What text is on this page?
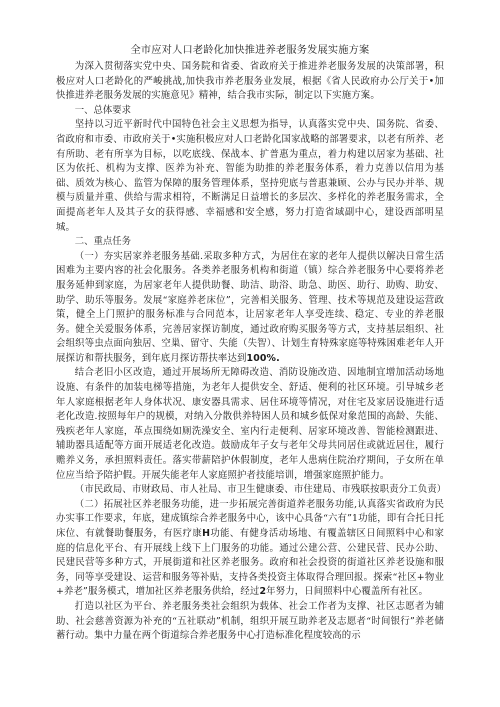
全市应对人口老龄化加快推进养老服务发展实施方案

为深入贯彻落实党中央、国务院和省委、省政府关于推进养老服务发展的决策部署，积极应对人口老龄化的严峻挑战,加快我市养老服务业发展，根据《省人民政府办公厅关于•加快推进养老服务发展的实施意见》精神，结合我市实际，制定以下实施方案。

一、总体要求

坚持以习近平新时代中国特色社会主义思想为指导，认真落实党中央、国务院、省委、省政府和市委、市政府关于•实施积极应对人口老龄化国家战略的部署要求，以老有所养、老有所助、老有所享为目标，以吃底线、保战本、扩普惠为重点，着力构建以居家为基础、社区为依托、机构为支撑、医养为补充、智能为助推的养老服务体系，着力克善以信用为基础、质效为核心、监管为保障的服务管理体系，坚持兜底与普惠兼顾、公办与民办并举、规模与质量并重、供给与需求相符，不断满足日益增长的多层次、多样化的养老服务需求，全面提高老年人及其子女的获得感、幸福感和安全感，努力打造省域副中心，建设西部明星城。

二、重点任务

（一）夯实居家养老服务基础.采取多种方式，为居住在家的老年人提供以解决日常生活困难为主要内容的社会化服务。各类养老服务机构和街道（镇）综合养老服务中心要将养老服务延伸到家庭，为居家老年人提供助餐、助洁、助浴、助急、助医、助行、助购、助安、助学、助乐等服务。发展“家庭养老床位”，完善相关服务、管理、技术等规范及建设运营政策，健全上门照护的服务标准与合同范本，让居家老年人享受连续、稳定、专业的养老服务。健全关爱服务体系，完善居家探访制度，通过政府购买服务等方式，支持基层组织、社会组织等虫点面向独居、空巢、留守、失能（失智）、计划生育特殊家庭等特殊困难老年人开展探访和帮扶服务，到年底月探访帮扶率达到100%.

结合老旧小区改造，通过开展场所无障碍改造、消防设施改造、因地制宜增加活动场地设施、有条件的加装电梯等措施，为老年人提供安全、舒适、便利的社区环境。引导城乡老年人家庭根据老年人身体状况、康安器具需求、居住环境等情况，对住宅及家居设施进行适老化改造.按照每年户的规模，对纳入分散供养特困人员和城乡低保对象范围的高龄、失能、残疾老年人家庭，革点围绕如厕洗澡安全、室内行走便利、居家环境改善、智能检测跟进、辅助器具适配等方面开展适老化改造。鼓励成年子女与老年父母共同居住或就近居住，履行赡养义务，承担照料责任。落实带薪陪护休假制度，老年人患病住院治疗期间，子女所在单位应当给予陪护假。开展失能老年人家庭照护者技能培训，增强家庭照护能力。

（市民政局、市财政局、市人社局、市卫生健康委、市住建局、市残联按职责分工负责）

（二）拓展社区养老服务功能，进一步拓展完善街道养老服务功能,认真落实省政府为民办实事工作要求，年底，建成镇综合养老服务中心，该中心具备“六有”1功能，即有合托日托床位、有就餐助餐服务，有医疗康H功能、有健身活动场地、有覆盖辖区日间照料中心和家庭的信息化平台、有开展线上线下上门服务的功能。通过公建公营、公建民营、民办公助、民建民营等多种方式，开展街道和社区养老服务。政府和社会投资的街道社区养老设施和服务，同等享受建设、运营和服务等补贴，支持各类投资主体取得合理回报。探索“社区+物业+养老”服务模式，增加社区养老服务供给，经过2年努力，日间照料中心覆盖所有社区。

打造以社区为平台、养老服务类社会组织为载体、社会工作者为支撑、社区志愿者为辅助、社会慈善资源为补充的“五社联动”机制，组织开展互助养老及志愿者“时间银行”养老储蓄行动。集中力量在两个街道综合养老服务中心打造标准化程度较高的示
